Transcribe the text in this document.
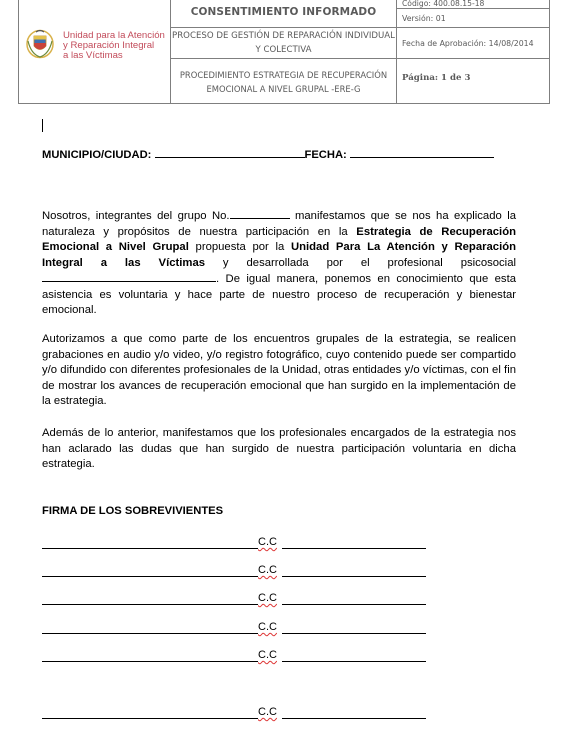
Unidad para la Atención
y Reparación Integral
a las Víctimas
CONSENTIMIENTO INFORMADO
PROCESO DE GESTIÓN DE REPARACIÓN INDIVIDUAL Y COLECTIVA
PROCEDIMIENTO ESTRATEGIA DE RECUPERACIÓN EMOCIONAL A NIVEL GRUPAL -ERE-G
Código: 400.08.15-18
Versión: 01
Fecha de Aprobación: 14/08/2014
Página: 1 de 3
MUNICIPIO/CIUDAD:	FECHA:
Nosotros, integrantes del grupo No.	manifestamos que se nos ha explicado la naturaleza y propósitos de nuestra participación en la Estrategia de Recuperación Emocional a Nivel Grupal propuesta por la Unidad Para La Atención y Reparación Integral a las Víctimas y desarrollada por el profesional psicosocial . De igual manera, ponemos en conocimiento que esta asistencia es voluntaria y hace parte de nuestro proceso de recuperación y bienestar emocional.
Autorizamos a que como parte de los encuentros grupales de la estrategia, se realicen grabaciones en audio y/o video, y/o registro fotográfico, cuyo contenido puede ser compartido y/o difundido con diferentes profesionales de la Unidad, otras entidades y/o víctimas, con el fin de mostrar los avances de recuperación emocional que han surgido en la implementación de la estrategia.
Además de lo anterior, manifestamos que los profesionales encargados de la estrategia nos han aclarado las dudas que han surgido de nuestra participación voluntaria en dicha estrategia.
FIRMA DE LOS SOBREVIVIENTES
C.C
C.C
C.C
C.C
C.C
C.C
